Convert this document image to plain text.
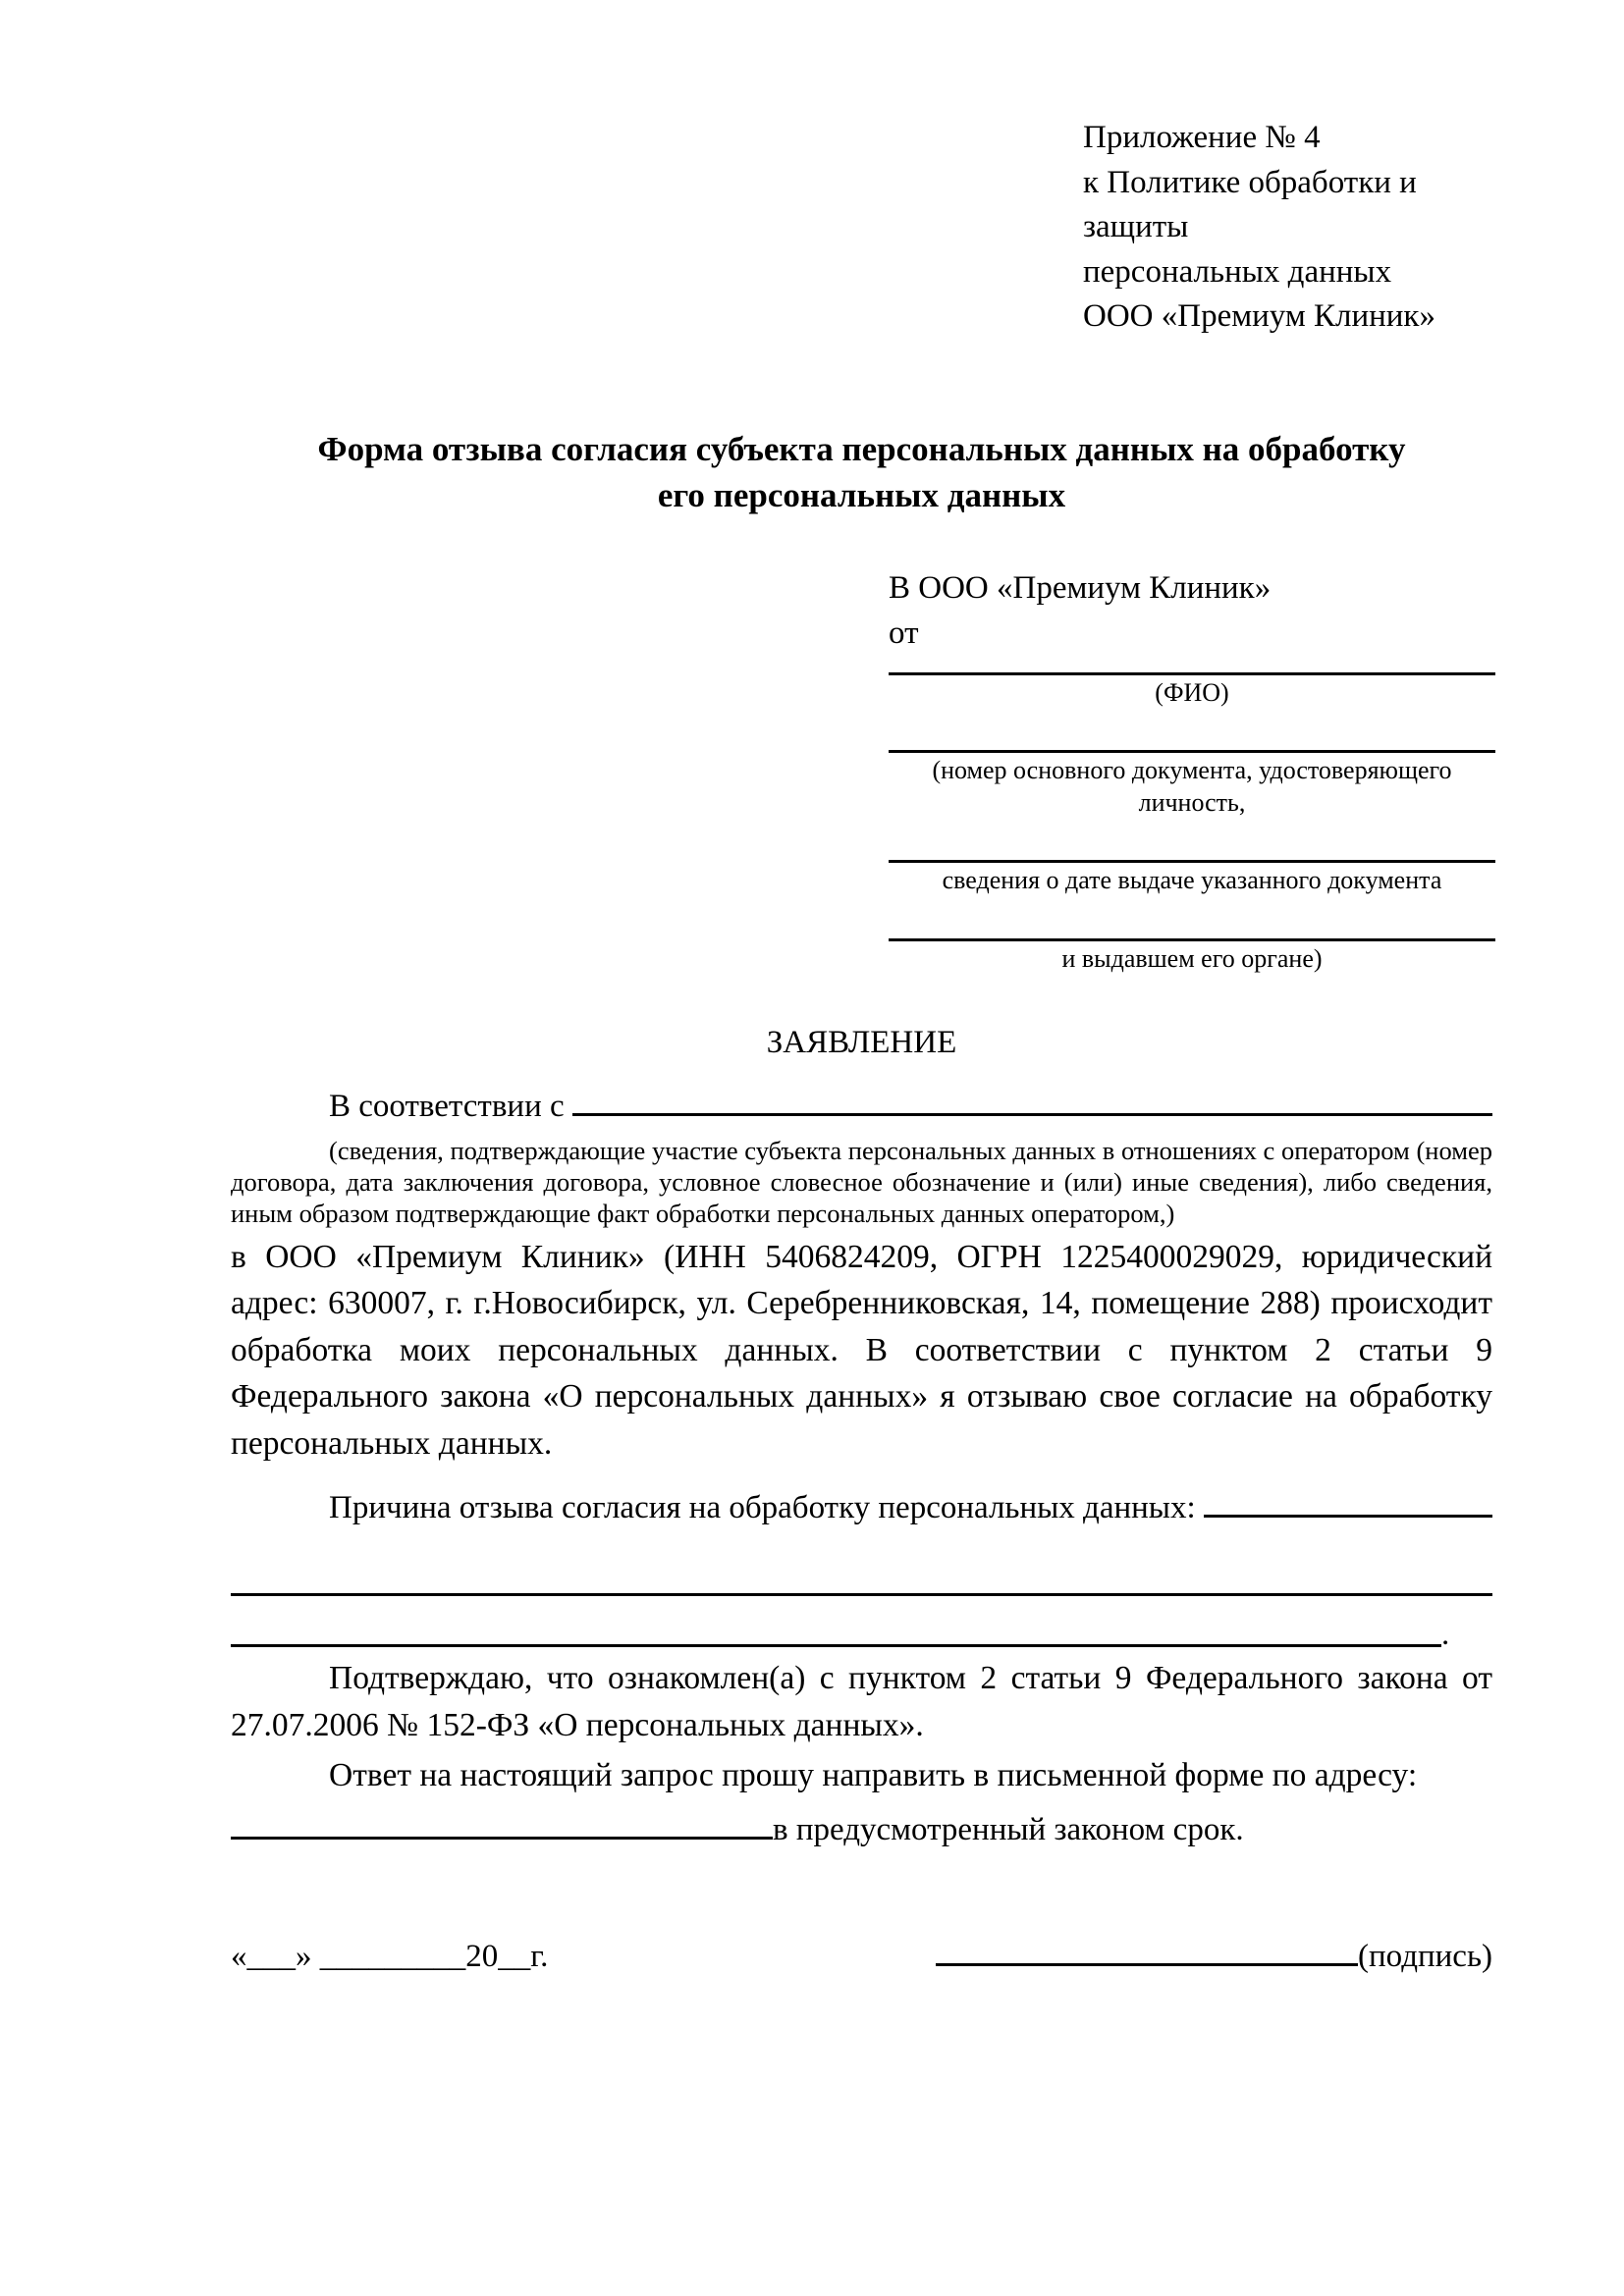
Приложение № 4
к Политике обработки и защиты
персональных данных
ООО «Премиум Клиник»
Форма отзыва согласия субъекта персональных данных на обработку
его персональных данных
В ООО «Премиум Клиник»
от
(ФИО)
(номер основного документа, удостоверяющего личность,
сведения о дате выдаче указанного документа
и выдавшем его органе)
ЗАЯВЛЕНИЕ
В соответствии с

(сведения, подтверждающие участие субъекта персональных данных в отношениях с оператором (номер договора, дата заключения договора, условное словесное обозначение и (или) иные сведения), либо сведения, иным образом подтверждающие факт обработки персональных данных оператором,)

в ООО «Премиум Клиник» (ИНН 5406824209, ОГРН 1225400029029, юридический адрес: 630007, г. г.Новосибирск, ул. Серебренниковская, 14, помещение 288) происходит обработка моих персональных данных. В соответствии с пунктом 2 статьи 9 Федерального закона «О персональных данных» я отзываю свое согласие на обработку персональных данных.

Причина отзыва согласия на обработку персональных данных:

.

Подтверждаю, что ознакомлен(а) с пунктом 2 статьи 9 Федерального закона от 27.07.2006 № 152-ФЗ «О персональных данных».

Ответ на настоящий запрос прошу направить в письменной форме по адресу:

в предусмотренный законом срок.
«___» _________20__г.	(подпись)
